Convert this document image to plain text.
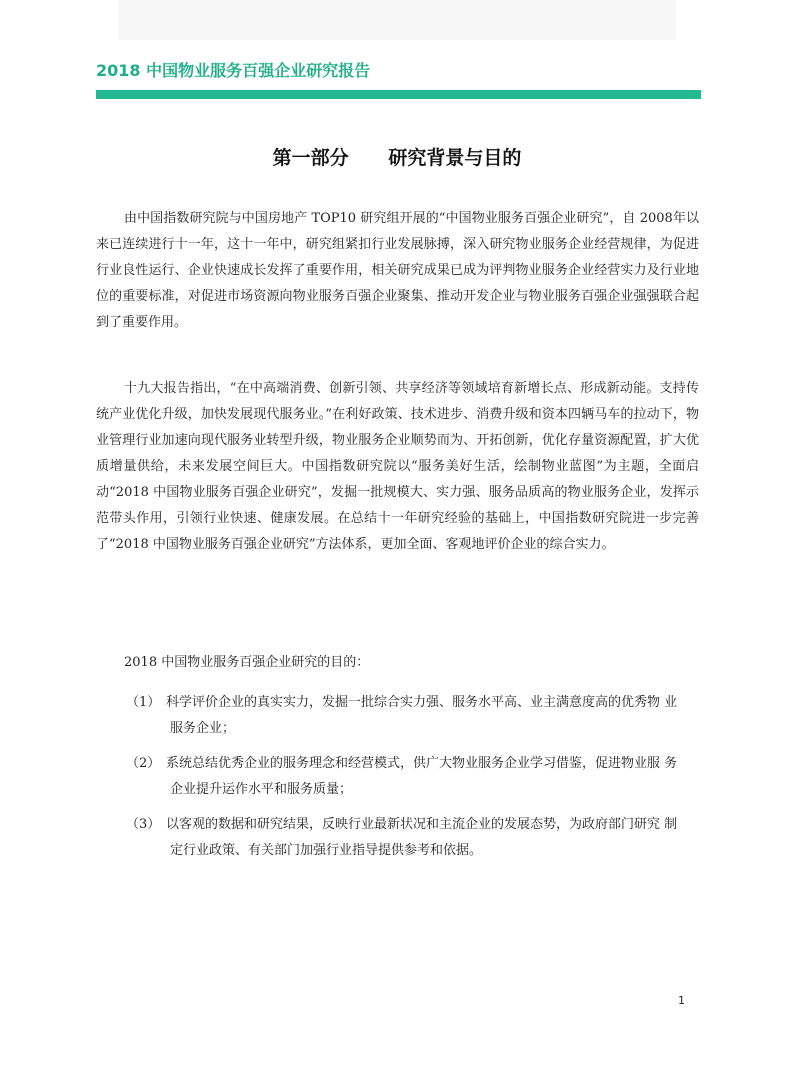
2018 中国物业服务百强企业研究报告
第一部分      研究背景与目的

由中国指数研究院与中国房地产 TOP10 研究组开展的“中国物业服务百强企业研究”，自 2008年以来已连续进行十一年，这十一年中，研究组紧扣行业发展脉搏，深入研究物业服务企业经营规律，为促进行业良性运行、企业快速成长发挥了重要作用，相关研究成果已成为评判物业服务企业经营实力及行业地位的重要标准，对促进市场资源向物业服务百强企业聚集、推动开发企业与物业服务百强企业强强联合起到了重要作用。

十九大报告指出，“在中高端消费、创新引领、共享经济等领域培育新增长点、形成新动能。支持传统产业优化升级，加快发展现代服务业。”在利好政策、技术进步、消费升级和资本四辆马车的拉动下，物业管理行业加速向现代服务业转型升级，物业服务企业顺势而为、开拓创新，优化存量资源配置，扩大优质增量供给，未来发展空间巨大。中国指数研究院以“服务美好生活，绘制物业蓝图”为主题，全面启动“2018 中国物业服务百强企业研究”，发掘一批规模大、实力强、服务品质高的物业服务企业，发挥示范带头作用，引领行业快速、健康发展。在总结十一年研究经验的基础上，中国指数研究院进一步完善了“2018 中国物业服务百强企业研究”方法体系，更加全面、客观地评价企业的综合实力。

2018 中国物业服务百强企业研究的目的：

（1） 科学评价企业的真实实力，发掘一批综合实力强、服务水平高、业主满意度高的优秀物 业
服务企业；
（2） 系统总结优秀企业的服务理念和经营模式，供广大物业服务企业学习借鉴，促进物业服 务
企业提升运作水平和服务质量；
（3） 以客观的数据和研究结果，反映行业最新状况和主流企业的发展态势，为政府部门研究 制
定行业政策、有关部门加强行业指导提供参考和依据。
1
